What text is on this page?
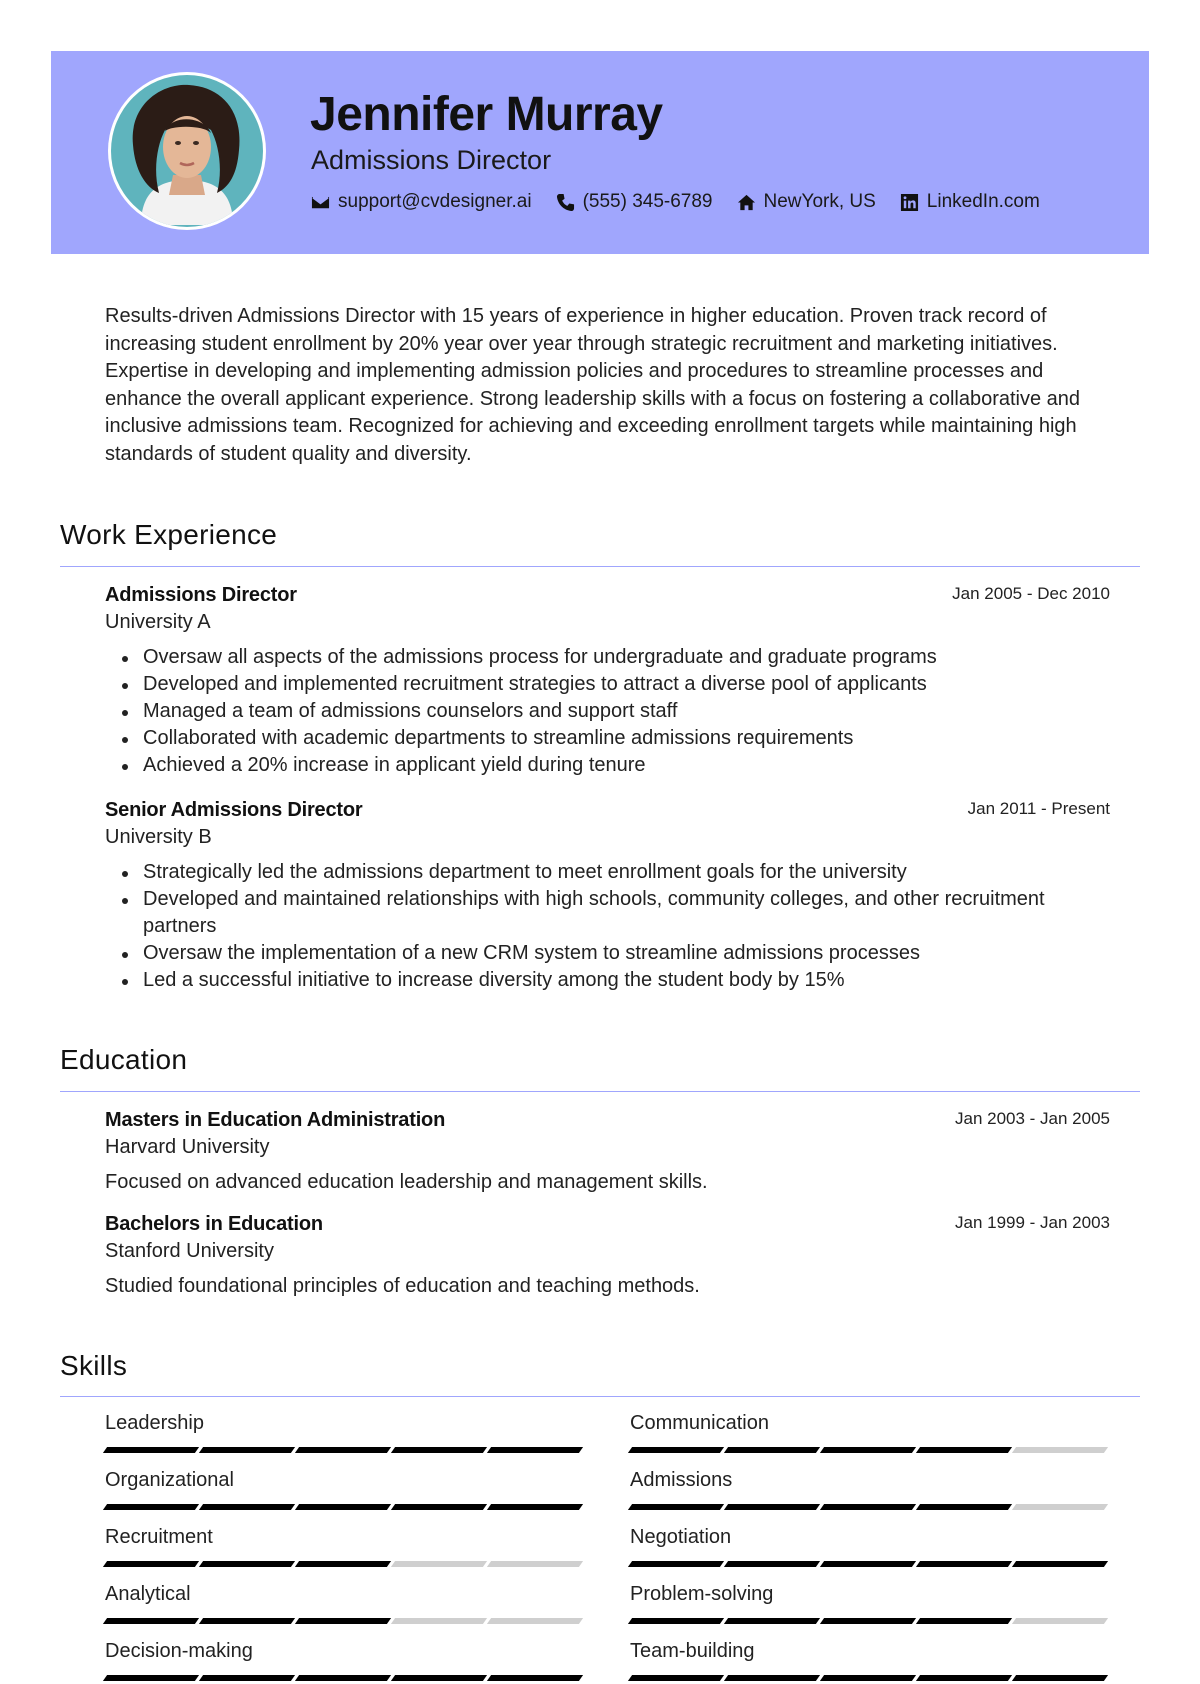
Jennifer Murray
Admissions Director
support@cvdesigner.ai	(555) 345-6789	NewYork, US	LinkedIn.com

Results-driven Admissions Director with 15 years of experience in higher education. Proven track record of increasing student enrollment by 20% year over year through strategic recruitment and marketing initiatives. Expertise in developing and implementing admission policies and procedures to streamline processes and enhance the overall applicant experience. Strong leadership skills with a focus on fostering a collaborative and inclusive admissions team. Recognized for achieving and exceeding enrollment targets while maintaining high standards of student quality and diversity.

Work Experience
Admissions Director	Jan 2005 - Dec 2010
University A
Oversaw all aspects of the admissions process for undergraduate and graduate programs
Developed and implemented recruitment strategies to attract a diverse pool of applicants
Managed a team of admissions counselors and support staff
Collaborated with academic departments to streamline admissions requirements
Achieved a 20% increase in applicant yield during tenure
Senior Admissions Director	Jan 2011 - Present
University B
Strategically led the admissions department to meet enrollment goals for the university
Developed and maintained relationships with high schools, community colleges, and other recruitment partners
Oversaw the implementation of a new CRM system to streamline admissions processes
Led a successful initiative to increase diversity among the student body by 15%
Education
Masters in Education Administration	Jan 2003 - Jan 2005
Harvard University
Focused on advanced education leadership and management skills.
Bachelors in Education	Jan 1999 - Jan 2003
Stanford University
Studied foundational principles of education and teaching methods.
Skills
Leadership	Communication
Organizational	Admissions
Recruitment	Negotiation
Analytical	Problem-solving
Decision-making	Team-building
